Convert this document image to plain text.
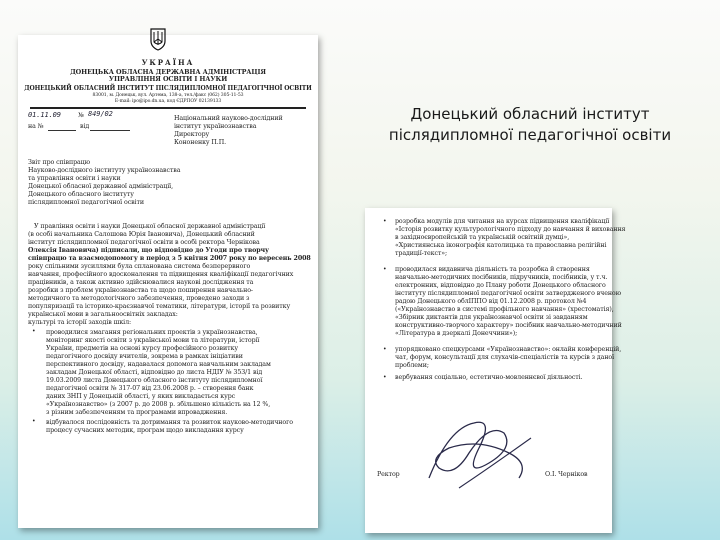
Донецький обласний інститут післядипломної педагогічної освіти
УКРАЇНА
ДОНЕЦЬКА ОБЛАСНА ДЕРЖАВНА АДМІНІСТРАЦІЯ
УПРАВЛІННЯ ОСВІТИ І НАУКИ
ДОНЕЦЬКИЙ ОБЛАСНИЙ ІНСТИТУТ ПІСЛЯДИПЛОМНОЇ ПЕДАГОГІЧНОЇ ОСВІТИ
83001, м. Донецьк, вул. Артема, 138-а, тел./факс (062) 305-11-53
E-mail: ipo@ipo.dn.ua, код ЄДРПОУ 02139133
01.11.09	№ 849/02
на №	від
Національний науково-дослідний
інститут українознавства
Директору
Кононенку П.П.
Звіт про співпрацю
Науково-дослідного інституту українознавства
та управління освіти і науки
Донецької обласної державної адміністрації,
Донецького обласного інституту
післядипломної педагогічної освіти
У правління освіти і науки Донецької обласної державної адміністрації
(в особі начальника Салошова Юрія Івановича), Донецький обласний
інститут післядипломної педагогічної освіти в особі ректора Чернікова
Олексія Івановича) підписали, що відповідно до Угоди про творчу
співпрацю та взаємодопомогу в період з 5 квітня 2007 року по вересень 2008
року спільними зусиллями була спланована система безперервного
навчання, професійного вдосконалення та підвищення кваліфікації педагогічних
працівників, а також активно здійснювалися наукові дослідження та
розробки з проблем українознавства та щодо поширення навчально-
методичного та методологічного забезпечення, проведено заходи з
популяризації та історико-краєзнавчої тематики, літератури, історії та розвитку
української мови в загальноосвітніх закладах:
культурі та історії заходів шкіл:
• проводилися змагання регіональних проектів з українознавства,
моніторинг якості освіти з української мови та літератури, історії
України, предметів на основі курсу професійного розвитку
педагогічного досвіду вчителів, зокрема в рамках ініціативи
перспективного досвіду, надавалася допомога навчальним закладам
закладам Донецької області, відповідно до листа НДІУ № 353/1 від
19.03.2009 листа Донецького обласного інституту післядипломної
педагогічної освіти № 317-07 від 23.06.2008 р. – створення банк
даних ЗНП у Донецькій області, у яких викладається курс
«Українознавство» (з 2007 р. до 2008 р. збільшено кількість на 12 %,
з різним забезпеченням та програмами впровадження.
• відбувалося послідовність та дотримання та розвиток науково-методичного
процесу сучасних методик, програм щодо викладання курсу
• розробка модулів для читання на курсах підвищення кваліфікації
«Історія розвитку культурологічного підходу до навчання й виховання
в західноєвропейській та українській освітній думці»,
«Християнська іконографія католицька та православна релігійні
традиції-текст»;
• проводилася видавнича діяльність та розробка й створення
навчально-методичних посібників, підручників, посібників, у т.ч.
електронних, відповідно до Плану роботи Донецького обласного
інституту післядипломної педагогічної освіти затвердженого вченою
радою Донецького облІППО від 01.12.2008 р. протокол №4
(«Українознавство в системі профільного навчання» (хрестоматія),
«Збірник диктантів для українознавчої освіти зі завданням
конструктивно-творчого характеру» посібник навчально-методичний
«Література в дзеркалі Донеччини»);
• упорядковано спецкурсами «Українознавство»: онлайн конференцій,
чат, форум, консультації для слухачів-спеціалістів та курсів з даної
проблеми;
• вербування соціально, естетично-мовленнєвої діяльності.
Ректор	О.І. Черніков
